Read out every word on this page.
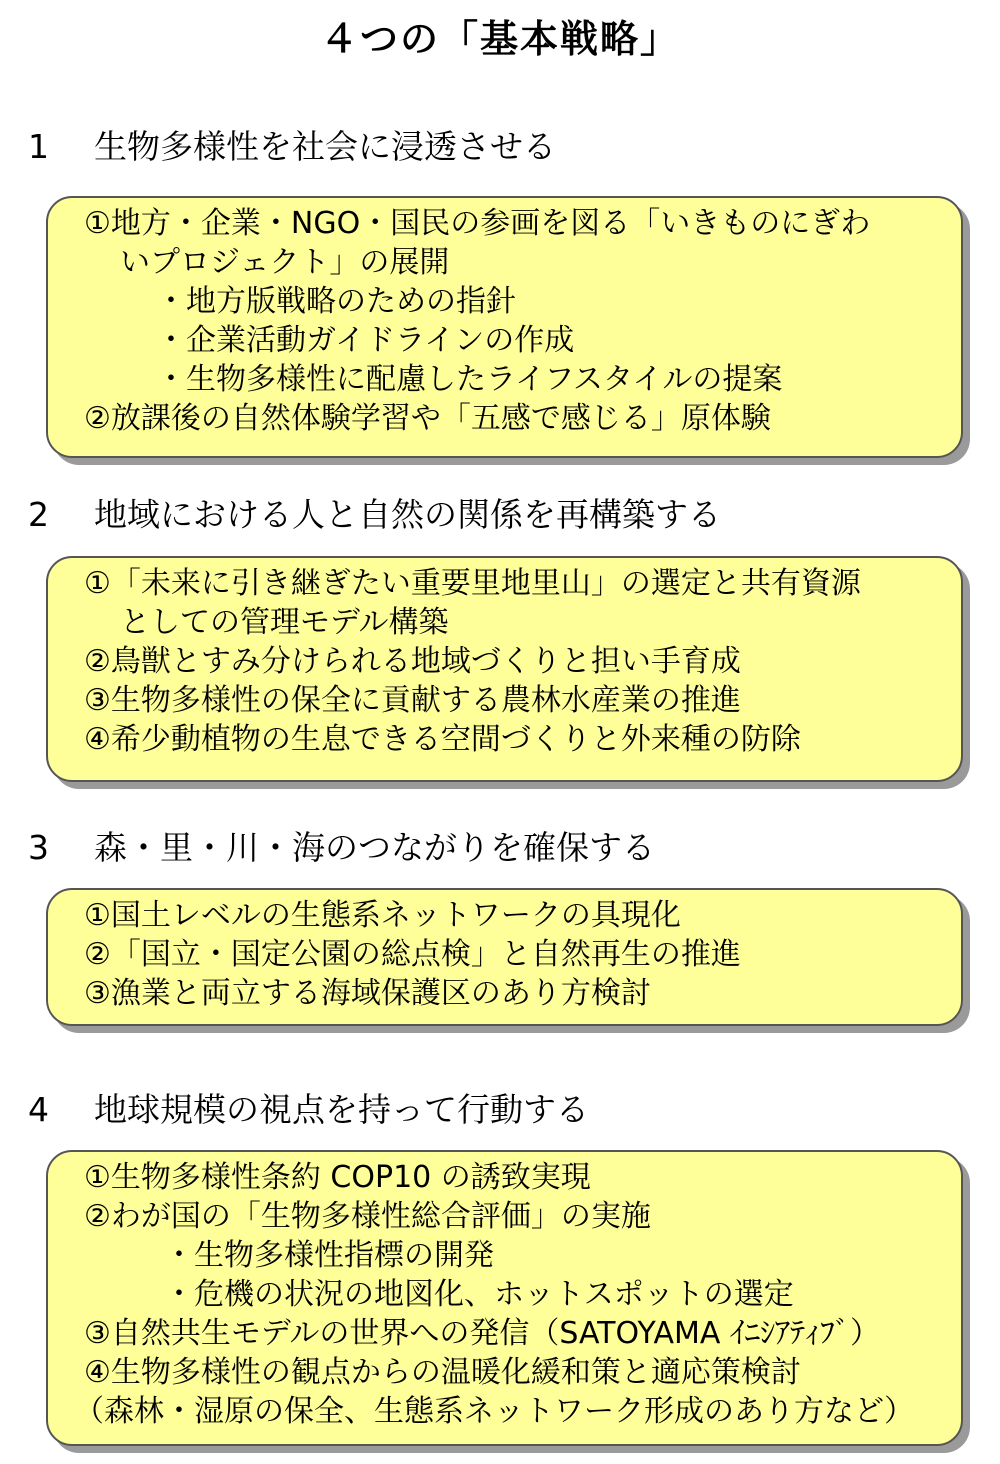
４つの「基本戦略」
1 生物多様性を社会に浸透させる
①地方・企業・NGO・国民の参画を図る「いきものにぎわ
いプロジェクト」の展開
・地方版戦略のための指針
・企業活動ガイドラインの作成
・生物多様性に配慮したライフスタイルの提案
②放課後の自然体験学習や「五感で感じる」原体験
2 地域における人と自然の関係を再構築する
①「未来に引き継ぎたい重要里地里山」の選定と共有資源
としての管理モデル構築
②鳥獣とすみ分けられる地域づくりと担い手育成
③生物多様性の保全に貢献する農林水産業の推進
④希少動植物の生息できる空間づくりと外来種の防除
3 森・里・川・海のつながりを確保する
①国土レベルの生態系ネットワークの具現化
②「国立・国定公園の総点検」と自然再生の推進
③漁業と両立する海域保護区のあり方検討
4 地球規模の視点を持って行動する
①生物多様性条約 COP10 の誘致実現
②わが国の「生物多様性総合評価」の実施
・生物多様性指標の開発
・危機の状況の地図化、ホットスポットの選定
③自然共生モデルの世界への発信（SATOYAMA ｲﾆｼｱﾃｨﾌﾞ）
④生物多様性の観点からの温暖化緩和策と適応策検討
（森林・湿原の保全、生態系ネットワーク形成のあり方など）
